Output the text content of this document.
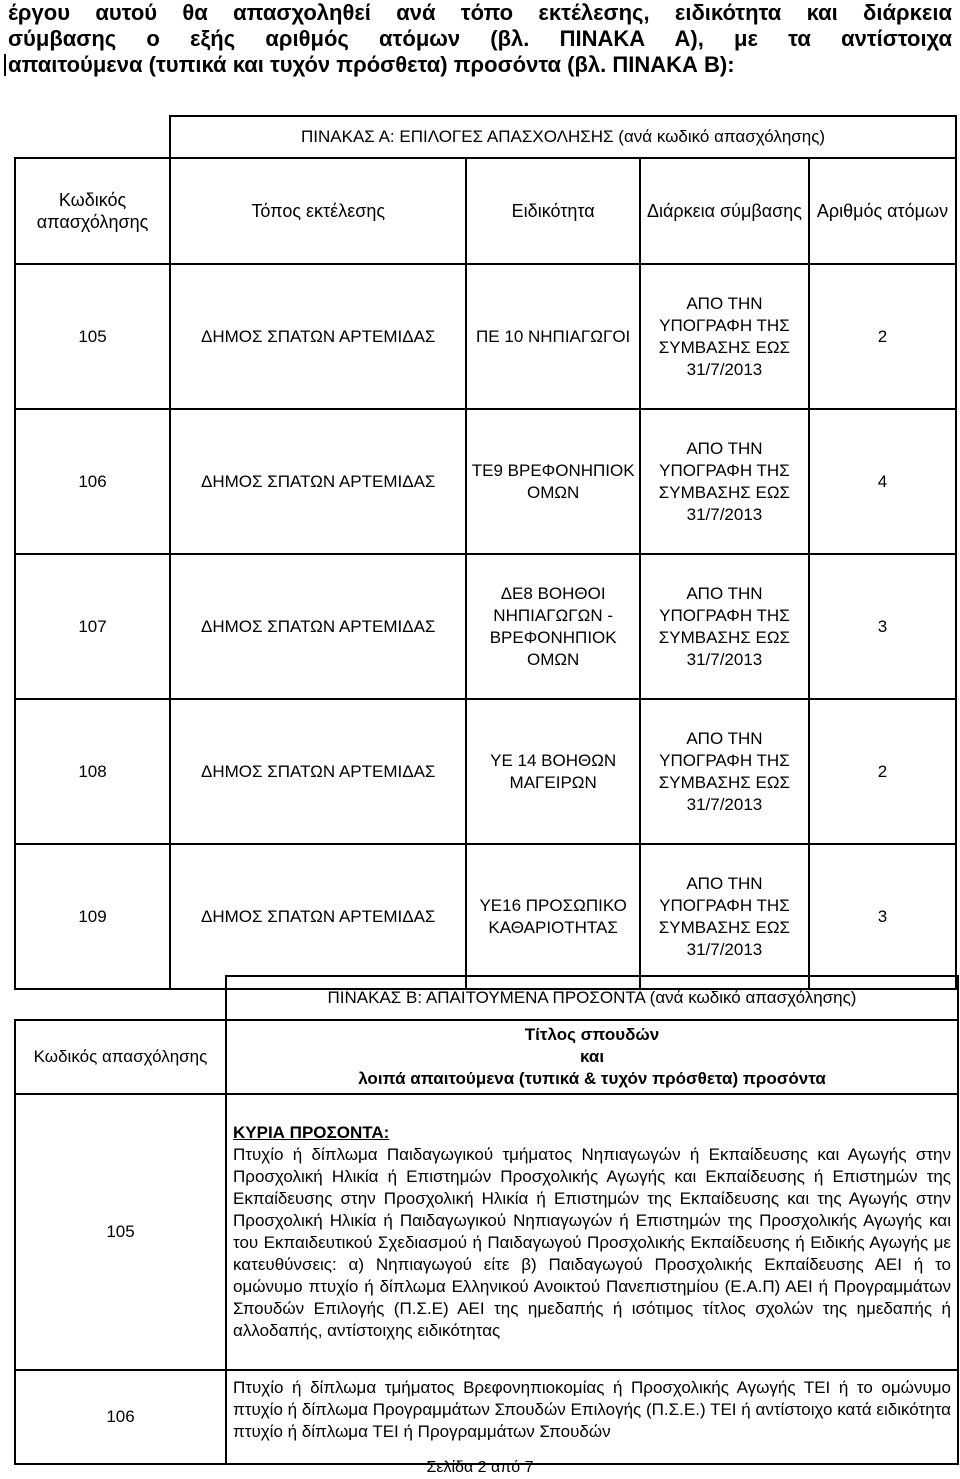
έργου αυτού θα απασχοληθεί ανά τόπο εκτέλεσης, ειδικότητα και διάρκεια

σύμβασης ο εξής αριθμός ατόμων (βλ. ΠΙΝΑΚΑ Α), με τα αντίστοιχα

απαιτούμενα (τυπικά και τυχόν πρόσθετα) προσόντα (βλ. ΠΙΝΑΚΑ Β):

	ΠΙΝΑΚΑΣ Α: ΕΠΙΛΟΓΕΣ ΑΠΑΣΧΟΛΗΣΗΣ (ανά κωδικό απασχόλησης)			
Κωδικός απασχόλησης	Τόπος εκτέλεσης	Ειδικότητα	Διάρκεια σύμβασης	Αριθμός ατόμων
105	ΔΗΜΟΣ ΣΠΑΤΩΝ ΑΡΤΕΜΙΔΑΣ	ΠΕ 10 ΝΗΠΙΑΓΩΓΟΙ	ΑΠΟ ΤΗΝ ΥΠΟΓΡΑΦΗ ΤΗΣ ΣΥΜΒΑΣΗΣ ΕΩΣ 31/7/2013	2
106	ΔΗΜΟΣ ΣΠΑΤΩΝ ΑΡΤΕΜΙΔΑΣ	ΤΕ9 ΒΡΕΦΟΝΗΠΙΟΚ ΟΜΩΝ	ΑΠΟ ΤΗΝ ΥΠΟΓΡΑΦΗ ΤΗΣ ΣΥΜΒΑΣΗΣ ΕΩΣ 31/7/2013	4
107	ΔΗΜΟΣ ΣΠΑΤΩΝ ΑΡΤΕΜΙΔΑΣ	ΔΕ8 ΒΟΗΘΟΙ ΝΗΠΙΑΓΩΓΩΝ - ΒΡΕΦΟΝΗΠΙΟΚ ΟΜΩΝ	ΑΠΟ ΤΗΝ ΥΠΟΓΡΑΦΗ ΤΗΣ ΣΥΜΒΑΣΗΣ ΕΩΣ 31/7/2013	3
108	ΔΗΜΟΣ ΣΠΑΤΩΝ ΑΡΤΕΜΙΔΑΣ	ΥΕ 14 ΒΟΗΘΩΝ ΜΑΓΕΙΡΩΝ	ΑΠΟ ΤΗΝ ΥΠΟΓΡΑΦΗ ΤΗΣ ΣΥΜΒΑΣΗΣ ΕΩΣ 31/7/2013	2
109	ΔΗΜΟΣ ΣΠΑΤΩΝ ΑΡΤΕΜΙΔΑΣ	ΥΕ16 ΠΡΟΣΩΠΙΚΟ ΚΑΘΑΡΙΟΤΗΤΑΣ	ΑΠΟ ΤΗΝ ΥΠΟΓΡΑΦΗ ΤΗΣ ΣΥΜΒΑΣΗΣ ΕΩΣ 31/7/2013	3
	ΠΙΝΑΚΑΣ Β: ΑΠΑΙΤΟΥΜΕΝΑ ΠΡΟΣΟΝΤΑ (ανά κωδικό απασχόλησης)
Κωδικός απασχόλησης	Τίτλος σπουδών
και
λοιπά απαιτούμενα (τυπικά & τυχόν πρόσθετα) προσόντα

105	ΚΥΡΙΑ ΠΡΟΣΟΝΤΑ:
Πτυχίο ή δίπλωμα Παιδαγωγικού τμήματος Νηπιαγωγών ή Εκπαίδευσης και Αγωγής στην Προσχολική Ηλικία ή Επιστημών Προσχολικής Αγωγής και Εκπαίδευσης ή Επιστημών της Εκπαίδευσης στην Προσχολική Ηλικία ή Επιστημών της Εκπαίδευσης και της Αγωγής στην Προσχολική Ηλικία ή Παιδαγωγικού Νηπιαγωγών ή Επιστημών της Προσχολικής Αγωγής και του Εκπαιδευτικού Σχεδιασμού ή Παιδαγωγού Προσχολικής Εκπαίδευσης ή Ειδικής Αγωγής με κατευθύνσεις: α) Νηπιαγωγού είτε β) Παιδαγωγού Προσχολικής Εκπαίδευσης ΑΕΙ ή το ομώνυμο πτυχίο ή δίπλωμα Ελληνικού Ανοικτού Πανεπιστημίου (Ε.Α.Π) ΑΕΙ ή Προγραμμάτων Σπουδών Επιλογής (Π.Σ.Ε) ΑΕΙ της ημεδαπής ή ισότιμος τίτλος σχολών της ημεδαπής ή αλλοδαπής, αντίστοιχης ειδικότητας
106	Πτυχίο ή δίπλωμα τμήματος Βρεφονηπιοκομίας ή Προσχολικής Αγωγής ΤΕΙ ή το ομώνυμο πτυχίο ή δίπλωμα Προγραμμάτων Σπουδών Επιλογής (Π.Σ.Ε.) ΤΕΙ ή αντίστοιχο κατά ειδικότητα πτυχίο ή δίπλωμα ΤΕΙ ή Προγραμμάτων Σπουδών
Σελίδα 2 από 7
